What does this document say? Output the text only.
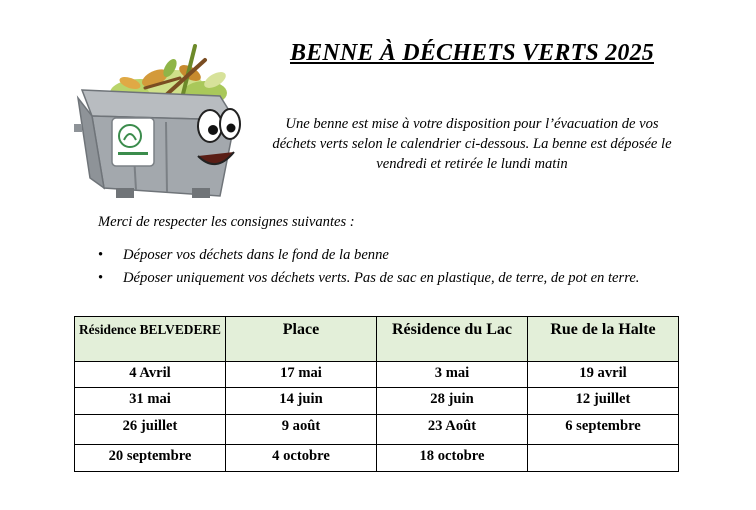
BENNE À DÉCHETS VERTS 2025
Une benne est mise à votre disposition pour l’évacuation de vos déchets verts selon le calendrier ci-dessous. La benne est déposée le vendredi et retirée le lundi matin
Merci de respecter les consignes suivantes :
• Déposer vos déchets dans le fond de la benne
• Déposer uniquement vos déchets verts. Pas de sac en plastique, de terre, de pot en terre.
Résidence BELVEDERE	Place	Résidence du Lac	Rue de la Halte
4 Avril	17 mai	3 mai	19 avril
31 mai	14 juin	28 juin	12 juillet
26 juillet	9 août	23 Août	6 septembre
20 septembre	4 octobre	18 octobre	
